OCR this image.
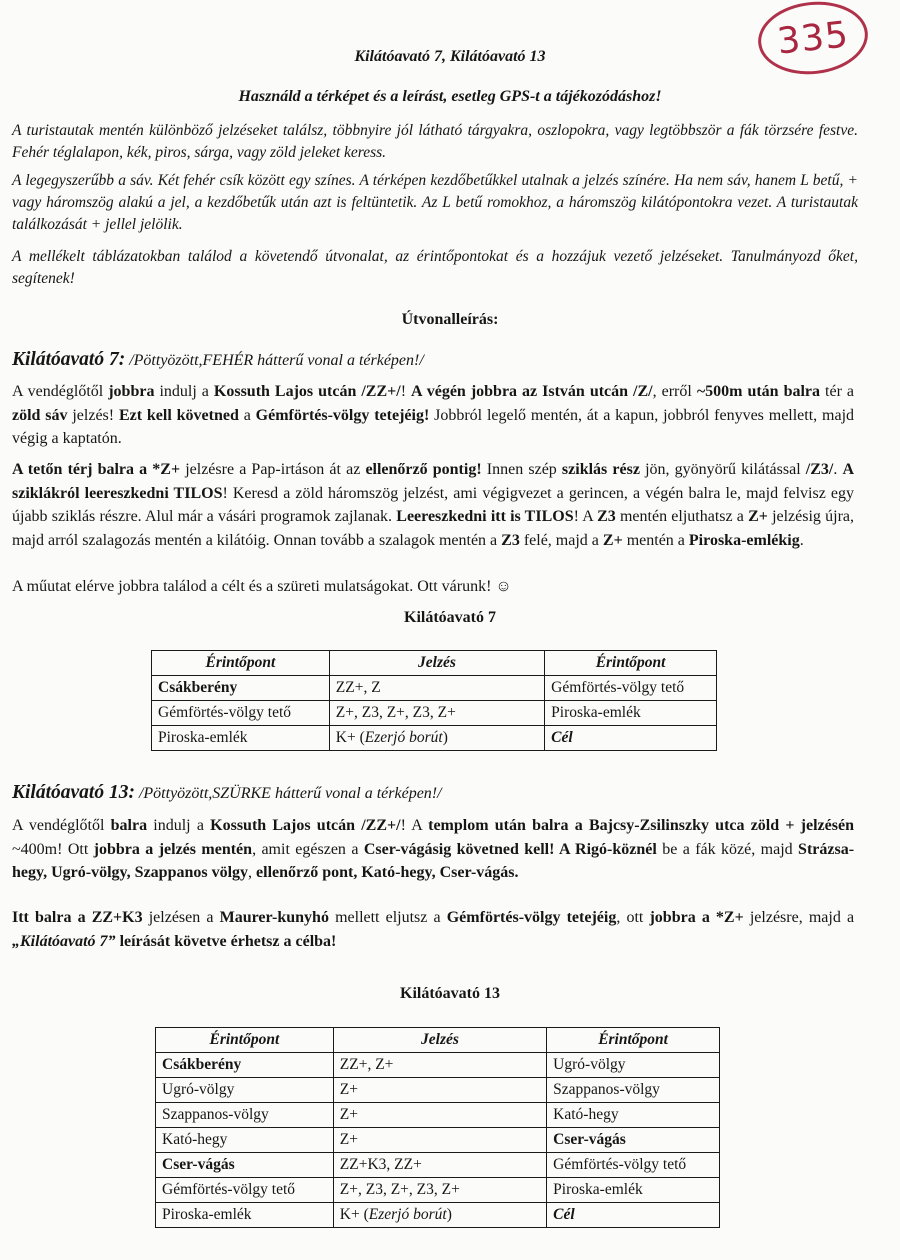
335
Kilátóavató 7, Kilátóavató 13
Használd a térképet és a leírást, esetleg GPS-t a tájékozódáshoz!

A turistautak mentén különböző jelzéseket találsz, többnyire jól látható tárgyakra, oszlopokra, vagy legtöbbször a fák törzsére festve. Fehér téglalapon, kék, piros, sárga, vagy zöld jeleket keress.

A legegyszerűbb a sáv. Két fehér csík között egy színes. A térképen kezdőbetűkkel utalnak a jelzés színére. Ha nem sáv, hanem L betű, + vagy háromszög alakú a jel, a kezdőbetűk után azt is feltüntetik. Az L betű romokhoz, a háromszög kilátópontokra vezet. A turistautak találkozását + jellel jelölik.

A mellékelt táblázatokban találod a követendő útvonalat, az érintőpontokat és a hozzájuk vezető jelzéseket. Tanulmányozd őket, segítenek!

Útvonalleírás:
Kilátóavató 7: /Pöttyözött,FEHÉR hátterű vonal a térképen!/

A vendéglőtől jobbra indulj a Kossuth Lajos utcán /ZZ+/! A végén jobbra az István utcán /Z/, erről ~500m után balra tér a zöld sáv jelzés! Ezt kell követned a Gémförtés-völgy tetejéig! Jobbról legelő mentén, át a kapun, jobbról fenyves mellett, majd végig a kaptatón.

A tetőn térj balra a *Z+ jelzésre a Pap-irtáson át az ellenőrző pontig! Innen szép sziklás rész jön, gyönyörű kilátással /Z3/. A sziklákról leereszkedni TILOS! Keresd a zöld háromszög jelzést, ami végigvezet a gerincen, a végén balra le, majd felvisz egy újabb sziklás részre. Alul már a vásári programok zajlanak. Leereszkedni itt is TILOS! A Z3 mentén eljuthatsz a Z+ jelzésig újra, majd arról szalagozás mentén a kilátóig. Onnan tovább a szalagok mentén a Z3 felé, majd a Z+ mentén a Piroska-emlékig.

A műutat elérve jobbra találod a célt és a szüreti mulatságokat. Ott várunk! ☺

Kilátóavató 7
Érintőpont	Jelzés	Érintőpont
Csákberény	ZZ+, Z	Gémförtés-völgy tető
Gémförtés-völgy tető	Z+, Z3, Z+, Z3, Z+	Piroska-emlék
Piroska-emlék	K+ (Ezerjó borút)	Cél
Kilátóavató 13: /Pöttyözött,SZÜRKE hátterű vonal a térképen!/

A vendéglőtől balra indulj a Kossuth Lajos utcán /ZZ+/! A templom után balra a Bajcsy-Zsilinszky utca zöld + jelzésén ~400m! Ott jobbra a jelzés mentén, amit egészen a Cser-vágásig követned kell! A Rigó-köznél be a fák közé, majd Strázsa-hegy, Ugró-völgy, Szappanos völgy, ellenőrző pont, Kató-hegy, Cser-vágás.

Itt balra a ZZ+K3 jelzésen a Maurer-kunyhó mellett eljutsz a Gémförtés-völgy tetejéig, ott jobbra a *Z+ jelzésre, majd a „Kilátóavató 7” leírását követve érhetsz a célba!

Kilátóavató 13
Érintőpont	Jelzés	Érintőpont
Csákberény	ZZ+, Z+	Ugró-völgy
Ugró-völgy	Z+	Szappanos-völgy
Szappanos-völgy	Z+	Kató-hegy
Kató-hegy	Z+	Cser-vágás
Cser-vágás	ZZ+K3, ZZ+	Gémförtés-völgy tető
Gémförtés-völgy tető	Z+, Z3, Z+, Z3, Z+	Piroska-emlék
Piroska-emlék	K+ (Ezerjó borút)	Cél
